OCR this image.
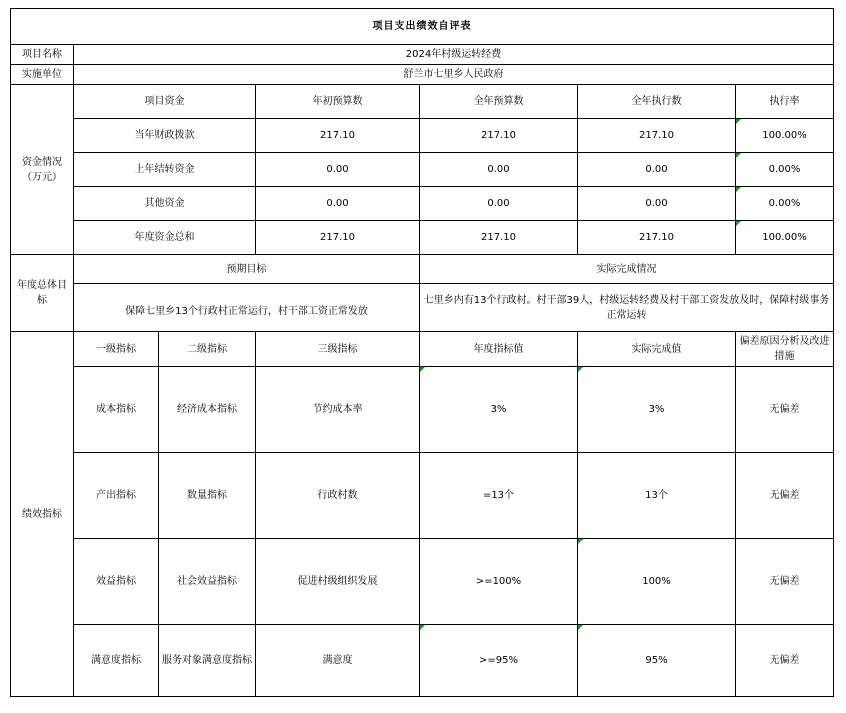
项目支出绩效自评表						
项目名称	2024年村级运转经费					
实施单位	舒兰市七里乡人民政府					
资金情况（万元）	项目资金		年初预算数	全年预算数	全年执行数	执行率
	当年财政拨款		217.10	217.10	217.10	100.00%
	上年结转资金		0.00	0.00	0.00	0.00%
	其他资金		0.00	0.00	0.00	0.00%
	年度资金总和		217.10	217.10	217.10	100.00%
年度总体目标	预期目标			实际完成情况		
	保障七里乡13个行政村正常运行，村干部工资正常发放			七里乡内有13个行政村。村干部39人，村级运转经费及村干部工资发放及时，保障村级事务正常运转		
绩效指标	一级指标	二级指标	三级指标	年度指标值	实际完成值	偏差原因分析及改进措施
	成本指标	经济成本指标	节约成本率	3%	3%	无偏差
	产出指标	数量指标	行政村数	=13个	13个	无偏差
	效益指标	社会效益指标	促进村级组织发展	>=100%	100%	无偏差
	满意度指标	服务对象满意度指标	满意度	>=95%	95%	无偏差
